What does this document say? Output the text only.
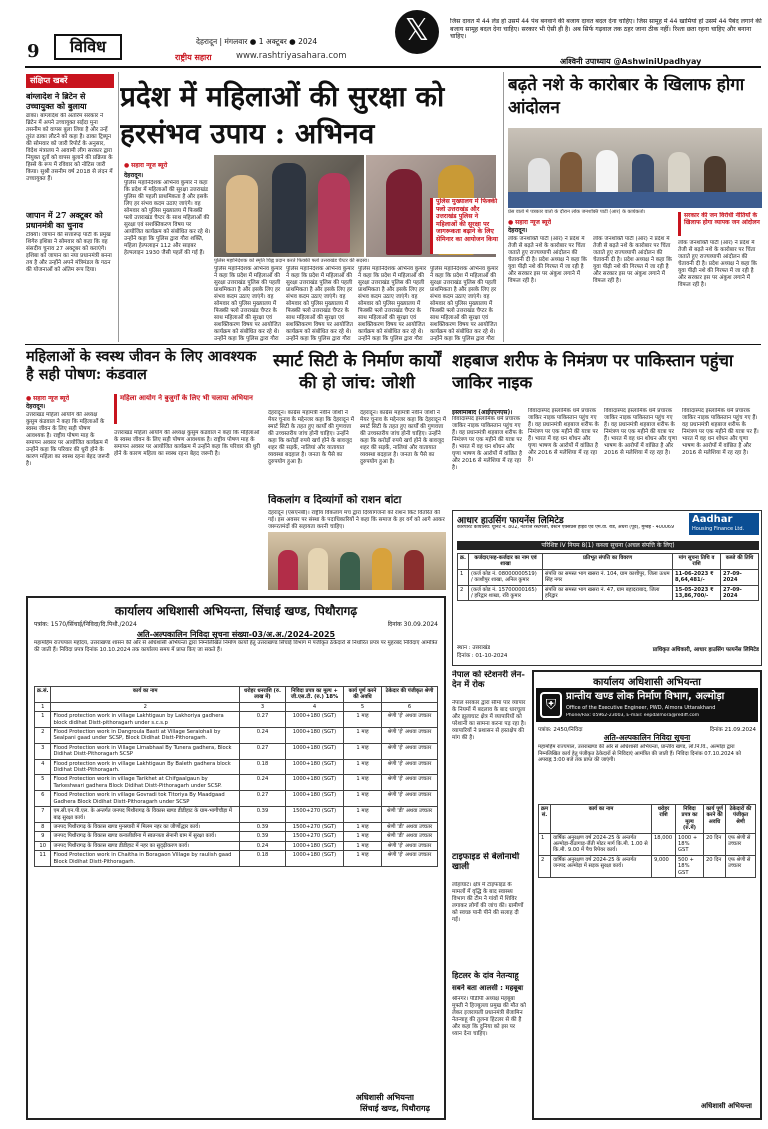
9	विविध	देहरादून | मंगलवार ● 1 अक्टूबर ● 2024
राष्ट्रीय सहारा	www.rashtriyasahara.com
𝕏	जिस दावत में 44 लेंड हो उसमें 44 पंथ बनवाने की बजाय दावत बदल देना चाहिए। जिस सामूह में 44 खामियां हों उसमें 44 पैबंद लगाने की बजाय सामूह बदल देना चाहिए। सरकार भी ऐसी ही है। अब सिर्फ गढ़वाल तक ठहर जाना ठीक नहीं। रिश्ता छता रहना चाहिए और बनाना चाहिए।
अश्विनी उपाध्याय @AshwiniUpadhyay
संक्षिप्त खबरें
बांग्लादेश ने ब्रिटेन से उच्चायुक्त को बुलाया
ढाका। बांग्लादेश की अंतरिम सरकार ने ब्रिटेन में अपने उच्चायुक्त सईदा मुना तसनीम को वापस बुला लिया है और उन्हें तुरंत ढाका लौटने को कहा है। ढाका ट्रिब्यून की सोमवार को जारी रिपोर्ट के अनुसार, विदेश मंत्रालय ने आवामी लीग सरकार द्वारा नियुक्त दूतों को वापस बुलाने की प्रक्रिया के हिस्से के रूप में रविवार को नोटिस जारी किया। सुश्री तसनीम वर्ष 2018 से लंदन में उच्चायुक्त हैं।
जापान में 27 अक्टूबर को प्रधानमंत्री का चुनाव
टोक्यो। जापान की सत्तारूढ़ पार्टी के प्रमुख शिगेरु इशिबा ने सोमवार को कहा कि वह संसदीय चुनाव 27 अक्टूबर को कराएंगे। इशिबा को जापान का नया प्रधानमंत्री बनना तय है और उन्होंने अपने मंत्रिमंडल के गठन की योजनाओं को अंतिम रूप दिया।
प्रदेश में महिलाओं की सुरक्षा को हरसंभव उपाय : अभिनव
● सहारा न्यूज ब्यूरो
देहरादून।
पुलिस महानिदेशक अभिनव कुमार ने कहा कि प्रदेश में महिलाओं की सुरक्षा उत्तराखंड पुलिस की पहली प्राथमिकता है और इसके लिए हर संभव कदम उठाए जाएंगे। वह सोमवार को पुलिस मुख्यालय में फिक्की फ्लो उत्तराखंड चैप्टर के साथ महिलाओं की सुरक्षा एवं सशक्तिकरण विषय पर आयोजित कार्यक्रम को संबोधित कर रहे थे। उन्होंने कहा कि पुलिस द्वारा गौरा शक्ति, महिला हेल्पलाइन 112 और साइबर हेल्पलाइन 1930 जैसी पहलें की गई हैं।
पुलिस महानिदेशक को स्मृति चिह्न प्रदान करते फिक्की फ्लो उत्तराखंड चैप्टर की सदस्य।
पुलिस महानिदेशक अभिनव कुमार ने कहा कि प्रदेश में महिलाओं की सुरक्षा उत्तराखंड पुलिस की पहली प्राथमिकता है और इसके लिए हर संभव कदम उठाए जाएंगे। वह सोमवार को पुलिस मुख्यालय में फिक्की फ्लो उत्तराखंड चैप्टर के साथ महिलाओं की सुरक्षा एवं सशक्तिकरण विषय पर आयोजित कार्यक्रम को संबोधित कर रहे थे। उन्होंने कहा कि पुलिस द्वारा गौरा
पुलिस महानिदेशक अभिनव कुमार ने कहा कि प्रदेश में महिलाओं की सुरक्षा उत्तराखंड पुलिस की पहली प्राथमिकता है और इसके लिए हर संभव कदम उठाए जाएंगे। वह सोमवार को पुलिस मुख्यालय में फिक्की फ्लो उत्तराखंड चैप्टर के साथ महिलाओं की सुरक्षा एवं सशक्तिकरण विषय पर आयोजित कार्यक्रम को संबोधित कर रहे थे। उन्होंने कहा कि पुलिस द्वारा गौरा
पुलिस महानिदेशक अभिनव कुमार ने कहा कि प्रदेश में महिलाओं की सुरक्षा उत्तराखंड पुलिस की पहली प्राथमिकता है और इसके लिए हर संभव कदम उठाए जाएंगे। वह सोमवार को पुलिस मुख्यालय में फिक्की फ्लो उत्तराखंड चैप्टर के साथ महिलाओं की सुरक्षा एवं सशक्तिकरण विषय पर आयोजित कार्यक्रम को संबोधित कर रहे थे। उन्होंने कहा कि पुलिस द्वारा गौरा
पुलिस मुख्यालय में फिक्की फ्लो उत्तराखंड और उत्तराखंड पुलिस ने महिलाओं की सुरक्षा पर जागरूकता बढ़ाने के लिए सेमिनार का आयोजन किया
पुलिस महानिदेशक अभिनव कुमार ने कहा कि प्रदेश में महिलाओं की सुरक्षा उत्तराखंड पुलिस की पहली प्राथमिकता है और इसके लिए हर संभव कदम उठाए जाएंगे। वह सोमवार को पुलिस मुख्यालय में फिक्की फ्लो उत्तराखंड चैप्टर के साथ महिलाओं की सुरक्षा एवं सशक्तिकरण विषय पर आयोजित कार्यक्रम को संबोधित कर रहे थे। उन्होंने कहा कि पुलिस द्वारा गौरा
बढ़ते नशे के कारोबार के खिलाफ होगा आंदोलन
प्रेस वार्ता में पत्रकार वार्ता के दौरान लोक जनशक्ति पार्टी (आर) के कार्यकर्ता।
● सहारा न्यूज ब्यूरो
देहरादून।
लोक जनशक्ति पार्टी (आर) ने प्रदेश में तेजी से बढ़ते नशे के कारोबार पर चिंता जताते हुए राज्यव्यापी आंदोलन की चेतावनी दी है। प्रदेश अध्यक्ष ने कहा कि युवा पीढ़ी नशे की गिरफ्त में जा रही है और सरकार इस पर अंकुश लगाने में विफल रही है।
लोक जनशक्ति पार्टी (आर) ने प्रदेश में तेजी से बढ़ते नशे के कारोबार पर चिंता जताते हुए राज्यव्यापी आंदोलन की चेतावनी दी है। प्रदेश अध्यक्ष ने कहा कि युवा पीढ़ी नशे की गिरफ्त में जा रही है और सरकार इस पर अंकुश लगाने में विफल रही है।
सरकार की जन विरोधी नीतियों के खिलाफ होगा व्यापक जन आंदोलन
लोक जनशक्ति पार्टी (आर) ने प्रदेश में तेजी से बढ़ते नशे के कारोबार पर चिंता जताते हुए राज्यव्यापी आंदोलन की चेतावनी दी है। प्रदेश अध्यक्ष ने कहा कि युवा पीढ़ी नशे की गिरफ्त में जा रही है और सरकार इस पर अंकुश लगाने में विफल रही है।
महिलाओं के स्वस्थ जीवन के लिए आवश्यक है सही पोषण: कंडवाल
● सहारा न्यूज ब्यूरो
देहरादून।
उत्तराखंड महिला आयोग की अध्यक्ष कुसुम कंडवाल ने कहा कि महिलाओं के स्वस्थ जीवन के लिए सही पोषण आवश्यक है। राष्ट्रीय पोषण माह के समापन अवसर पर आयोजित कार्यक्रम में उन्होंने कहा कि परिवार की धुरी होने के कारण महिला का स्वस्थ रहना बेहद जरूरी है।
महिला आयोग ने बुजुर्गों के लिए भी चलाया अभियान
उत्तराखंड महिला आयोग की अध्यक्ष कुसुम कंडवाल ने कहा कि महिलाओं के स्वस्थ जीवन के लिए सही पोषण आवश्यक है। राष्ट्रीय पोषण माह के समापन अवसर पर आयोजित कार्यक्रम में उन्होंने कहा कि परिवार की धुरी होने के कारण महिला का स्वस्थ रहना बेहद जरूरी है।
स्मार्ट सिटी के निर्माण कार्यों की हो जांच: जोशी
देहरादून। कांग्रेस महामंत्री नवीन जोशी ने मेयर चुनाव के मद्देनजर कहा कि देहरादून में स्मार्ट सिटी के तहत हुए कार्यों की गुणवत्ता की उच्चस्तरीय जांच होनी चाहिए। उन्होंने कहा कि करोड़ों रुपये खर्च होने के बावजूद शहर की सड़कें, नालियां और यातायात व्यवस्था बदहाल है। जनता के पैसे का दुरुपयोग हुआ है।
देहरादून। कांग्रेस महामंत्री नवीन जोशी ने मेयर चुनाव के मद्देनजर कहा कि देहरादून में स्मार्ट सिटी के तहत हुए कार्यों की गुणवत्ता की उच्चस्तरीय जांच होनी चाहिए। उन्होंने कहा कि करोड़ों रुपये खर्च होने के बावजूद शहर की सड़कें, नालियां और यातायात व्यवस्था बदहाल है। जनता के पैसे का दुरुपयोग हुआ है।
विकलांग व दिव्यांगों को राशन बांटा
देहरादून (एसएनबी)। राष्ट्रीय विकलांग मंच द्वारा दिव्यांगजनों को राशन किट वितरित की गई। इस अवसर पर संस्था के पदाधिकारियों ने कहा कि समाज के हर वर्ग को आगे आकर जरूरतमंदों की सहायता करनी चाहिए।
शहबाज शरीफ के निमंत्रण पर पाकिस्तान पहुंचा जाकिर नाइक
इस्लामाबाद (आईएएनएस)।
विवादास्पद इस्लामिक धर्म प्रचारक जाकिर नाइक पाकिस्तान पहुंच गए हैं। वह प्रधानमंत्री शहबाज शरीफ के निमंत्रण पर एक महीने की यात्रा पर हैं। भारत में वह धन शोधन और घृणा भाषण के आरोपों में वांछित है और 2016 से मलेशिया में रह रहा है।
विवादास्पद इस्लामिक धर्म प्रचारक जाकिर नाइक पाकिस्तान पहुंच गए हैं। वह प्रधानमंत्री शहबाज शरीफ के निमंत्रण पर एक महीने की यात्रा पर हैं। भारत में वह धन शोधन और घृणा भाषण के आरोपों में वांछित है और 2016 से मलेशिया में रह रहा है।
विवादास्पद इस्लामिक धर्म प्रचारक जाकिर नाइक पाकिस्तान पहुंच गए हैं। वह प्रधानमंत्री शहबाज शरीफ के निमंत्रण पर एक महीने की यात्रा पर हैं। भारत में वह धन शोधन और घृणा भाषण के आरोपों में वांछित है और 2016 से मलेशिया में रह रहा है।
विवादास्पद इस्लामिक धर्म प्रचारक जाकिर नाइक पाकिस्तान पहुंच गए हैं। वह प्रधानमंत्री शहबाज शरीफ के निमंत्रण पर एक महीने की यात्रा पर हैं। भारत में वह धन शोधन और घृणा भाषण के आरोपों में वांछित है और 2016 से मलेशिया में रह रहा है।
आधार हाउसिंग फायनेंस लिमिटेड	Aadhar
Housing Finance Ltd.
कॉरपोरेट कार्यालय: यूनिट नं. 802, नटराज रस्टमजी, वेस्टर्न एक्सप्रेस हाईवे एवं एम.वी. रोड, अंधेरी (पूर्व), मुम्बई - 400069
परिशिष्ट IV नियम 8(1) कब्जा सूचना (अचल संपत्ति के लिए)
क्र.	कर्जदार/सह-कर्जदार का नाम एवं शाखा	प्रतिभूत संपत्ति का विवरण	मांग सूचना तिथि व राशि	कब्जे की तिथि
1	(कर्ज कोड नं. 08000000519) / काशीपुर शाखा, अनिल कुमार	संपत्ति का समस्त भाग खसरा नं. 104, ग्राम काशीपुर, जिला ऊधम सिंह नगर	11-06-2023 ₹ 8,64,481/-	27-09-2024
2	(कर्ज कोड नं. 15700000165) / हरिद्वार शाखा, रवि कुमार	संपत्ति का समस्त भाग खसरा नं. 47, ग्राम बहादराबाद, जिला हरिद्वार	15-05-2023 ₹ 13,86,700/-	27-09-2024
स्थान : उत्तराखंड
दिनांक : 01-10-2024
प्राधिकृत अधिकारी, आधार हाउसिंग फायनेंस लिमिटेड
कार्यालय अधिशासी अभियन्ता, सिंचाई खण्ड, पिथौरागढ़
पत्रांक: 1570/सिंचाई/निविदा/दि.पिथौ./2024	दिनांक 30.09.2024
अति-अल्पकालिन निविदा सूचना संख्या-03/अ.अ./2024-2025
महामहिम राज्यपाल महोदय, उत्तराखण्ड शासन की ओर से अधिशासी अभियन्ता द्वारा निम्नलिखित निर्माण कार्यों हेतु उत्तराखण्ड सिंचाई विभाग में पंजीकृत ठेकेदारों से निर्धारित प्रपत्र पर मुहरबंद निविदाएं आमंत्रित की जाती हैं। निविदा प्रपत्र दिनांक 10.10.2024 तक कार्यालय समय में प्राप्त किए जा सकते हैं।
क्र.सं.	कार्य का नाम	धरोहर धनराशि (रु. लाख में)	निविदा प्रपत्र का मूल्य + जी.एस.टी. (रु.) 18%	कार्य पूर्ण करने की अवधि	ठेकेदार की पंजीकृत श्रेणी
1	2	3	4	5	6
1	Flood protection work in village Lakhtigaun by Lakhoriya gadhera block didihat Distt-pithoragarh under s.c.s.p	0.27	1000+180 (SGT)	1 माह	श्रेणी 'ई' अथवा उच्चतर
2	Flood Protection work in Dangroula Basti at Village Seraiohali by Sealpani gaad under SCSP, Block Didihat Distt-Pithoragarh.	0.24	1000+180 (SGT)	1 माह	श्रेणी 'ई' अथवा उच्चतर
3	Flood Protection work in Village Limabhaal By Tunera gadhera, Block Didihat Distt-Pithoragarh SCSP	0.27	1000+180 (SGT)	1 माह	श्रेणी 'ई' अथवा उच्चतर
4	Flood protection work in village Lakhtigaun By Baleth gadhera block Didihat Distt-Pithoragarh.	0.18	1000+180 (SGT)	1 माह	श्रेणी 'ई' अथवा उच्चतर
5	Flood Protection work in village Tarikhet at Chifgaalgaun by Tarkeshwari gadhera Block Didihat Distt-Pithoragarh under SCSP.	0.24	1000+180 (SGT)	1 माह	श्रेणी 'ई' अथवा उच्चतर
6	Flood Protection work in village Govradi tok Titoriya By Maadgaad Gadhera Block Didihat Distt-Pithoragarh under SCSP	0.27	1000+180 (SGT)	1 माह	श्रेणी 'ई' अथवा उच्चतर
7	एम.सी.एन.पी.एल. के अन्तर्गत जनपद पिथौरागढ़ के विकास खण्ड डीडीहाट के ग्राम-भागीचौड़ा में बाढ़ सुरक्षा कार्य।	0.39	1500+270 (SGT)	1 माह	श्रेणी 'डी' अथवा उच्चतर
8	जनपद पिथौरागढ़ के विकास खण्ड मुनस्यारी में मिलम नहर का जीर्णोद्धार कार्य।	0.39	1500+270 (SGT)	1 माह	श्रेणी 'डी' अथवा उच्चतर
9	जनपद पिथौरागढ़ के विकास खण्ड कनालीछीना में स्वतन्त्रता सेनानी ग्राम में सुरक्षा कार्य।	0.39	1500+270 (SGT)	1 माह	श्रेणी 'डी' अथवा उच्चतर
10	जनपद पिथौरागढ़ के विकास खण्ड डीडीहाट में नहर का सुदृढ़ीकरण कार्य।	0.24	1000+180 (SGT)	1 माह	श्रेणी 'ई' अथवा उच्चतर
11	Flood Protection work in Chaitha in Boragaon Village by raulish gaad Block Didihat Distt-Pithoragarh.	0.18	1000+180 (SGT)	1 माह	श्रेणी 'ई' अथवा उच्चतर
अधिशासी अभियन्ता
सिंचाई खण्ड, पिथौरागढ़
नेपाल को स्टेशनरी लेन-देन में रोक
नेपाल सरकार द्वारा सीमा पार व्यापार के नियमों में बदलाव के बाद धारचूला और झूलाघाट क्षेत्र में व्यापारियों को परेशानी का सामना करना पड़ रहा है। व्यापारियों ने प्रशासन से हस्तक्षेप की मांग की है।
टाइफाइड से बेलोनाथी खाली
लोहाघाट। क्षेत्र में टाइफाइड के मामलों में वृद्धि के बाद स्वास्थ्य विभाग की टीम ने गांवों में शिविर लगाकर लोगों की जांच की। ग्रामीणों को स्वच्छ पानी पीने की सलाह दी गई।
हिटलर के दांव नेतन्याहू
सबने बता आलसी : महबूबा
श्रीनगर। पीडीपी अध्यक्ष महबूबा मुफ्ती ने हिज्बुल्ला प्रमुख की मौत को लेकर इजरायली प्रधानमंत्री बेंजामिन नेतन्याहू की तुलना हिटलर से की है और कहा कि दुनिया को इस पर ध्यान देना चाहिए।
कार्यालय अधिशासी अभियन्ता
⛨
प्रान्तीय खण्ड लोक निर्माण विभाग, अल्मोड़ा
Office of the Executive Engineer, PWD, Almora Uttarakhand
Phone/Fax: 05962-23003, E-mail: eepdalmora@rediff.com
पत्रांक: 2450/निविदा	दिनांक 21.09.2024
अति-अल्पकालिन निविदा सूचना
महामहिम राज्यपाल, उत्तराखण्ड की ओर से अधिशासी अभियन्ता, प्रान्तीय खण्ड, लो.नि.वि., अल्मोड़ा द्वारा निम्नलिखित कार्य हेतु पंजीकृत ठेकेदारों से निविदाएं आमंत्रित की जाती हैं। निविदा दिनांक 07.10.2024 को अपराह्न 3:00 बजे तक प्राप्त की जाएंगी।
क्रम सं.	कार्य का नाम	धरोहर राशि	निविदा प्रपत्र का मूल्य (रु.में)	कार्य पूर्ण करने की अवधि	ठेकेदारों की पंजीकृत श्रेणी
1	वार्षिक अनुरक्षण वर्ष 2024-25 के अन्तर्गत अल्मोड़ा-रीठागाड़-जैंती मोटर मार्ग कि.मी. 1.00 से कि.मी. 9.00 में पैच रिपेयर कार्य।	18,000	1000 + 18% GST	20 दिन	एफ श्रेणी से उच्चतर
2	वार्षिक अनुरक्षण वर्ष 2024-25 के अन्तर्गत जनपद अल्मोड़ा में सड़क सुरक्षा कार्य।	9,000	500 + 18% GST	20 दिन	एफ श्रेणी से उच्चतर
अधिशासी अभियन्ता
